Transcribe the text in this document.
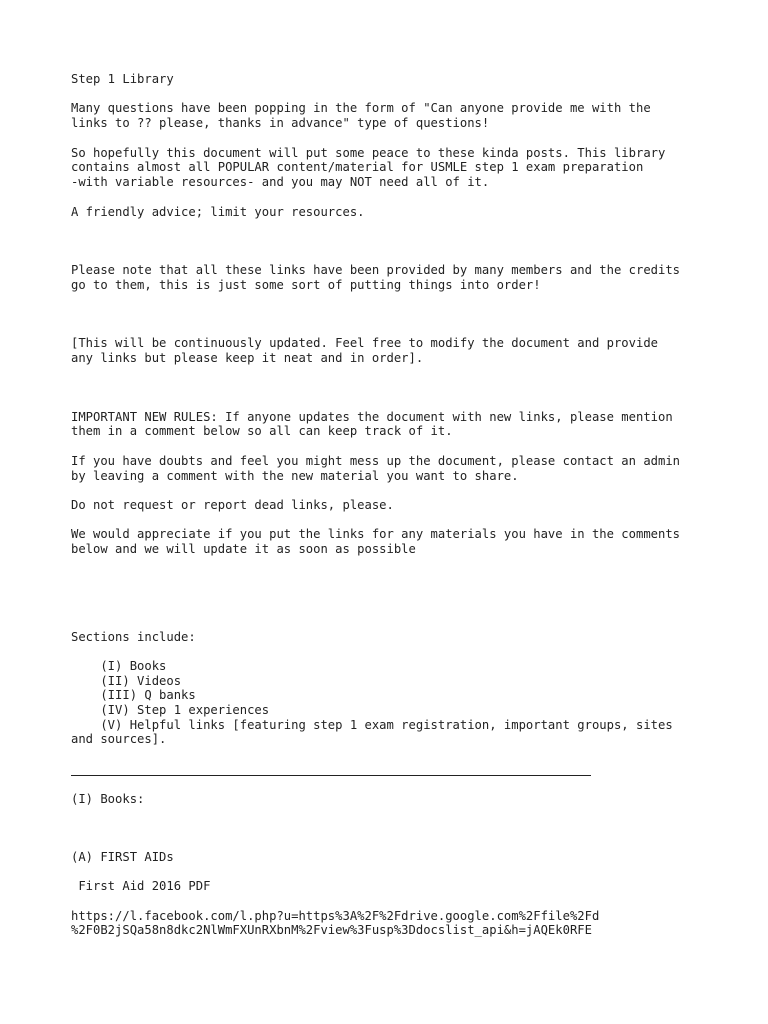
Step 1 Library
Many questions have been popping in the form of "Can anyone provide me with the
links to ?? please, thanks in advance" type of questions!
So hopefully this document will put some peace to these kinda posts. This library
contains almost all POPULAR content/material for USMLE step 1 exam preparation
-with variable resources- and you may NOT need all of it.
A friendly advice; limit your resources.
Please note that all these links have been provided by many members and the credits
go to them, this is just some sort of putting things into order!
[This will be continuously updated. Feel free to modify the document and provide
any links but please keep it neat and in order].
IMPORTANT NEW RULES: If anyone updates the document with new links, please mention
them in a comment below so all can keep track of it.
If you have doubts and feel you might mess up the document, please contact an admin
by leaving a comment with the new material you want to share.
Do not request or report dead links, please.
We would appreciate if you put the links for any materials you have in the comments
below and we will update it as soon as possible
Sections include:
(I) Books
(II) Videos
(III) Q banks
(IV) Step 1 experiences
(V) Helpful links [featuring step 1 exam registration, important groups, sites
and sources].
(I) Books:
(A) FIRST AIDs
First Aid 2016 PDF
https://l.facebook.com/l.php?u=https%3A%2F%2Fdrive.google.com%2Ffile%2Fd
%2F0B2jSQa58n8dkc2NlWmFXUnRXbnM%2Fview%3Fusp%3Ddocslist_api&h=jAQEk0RFE
